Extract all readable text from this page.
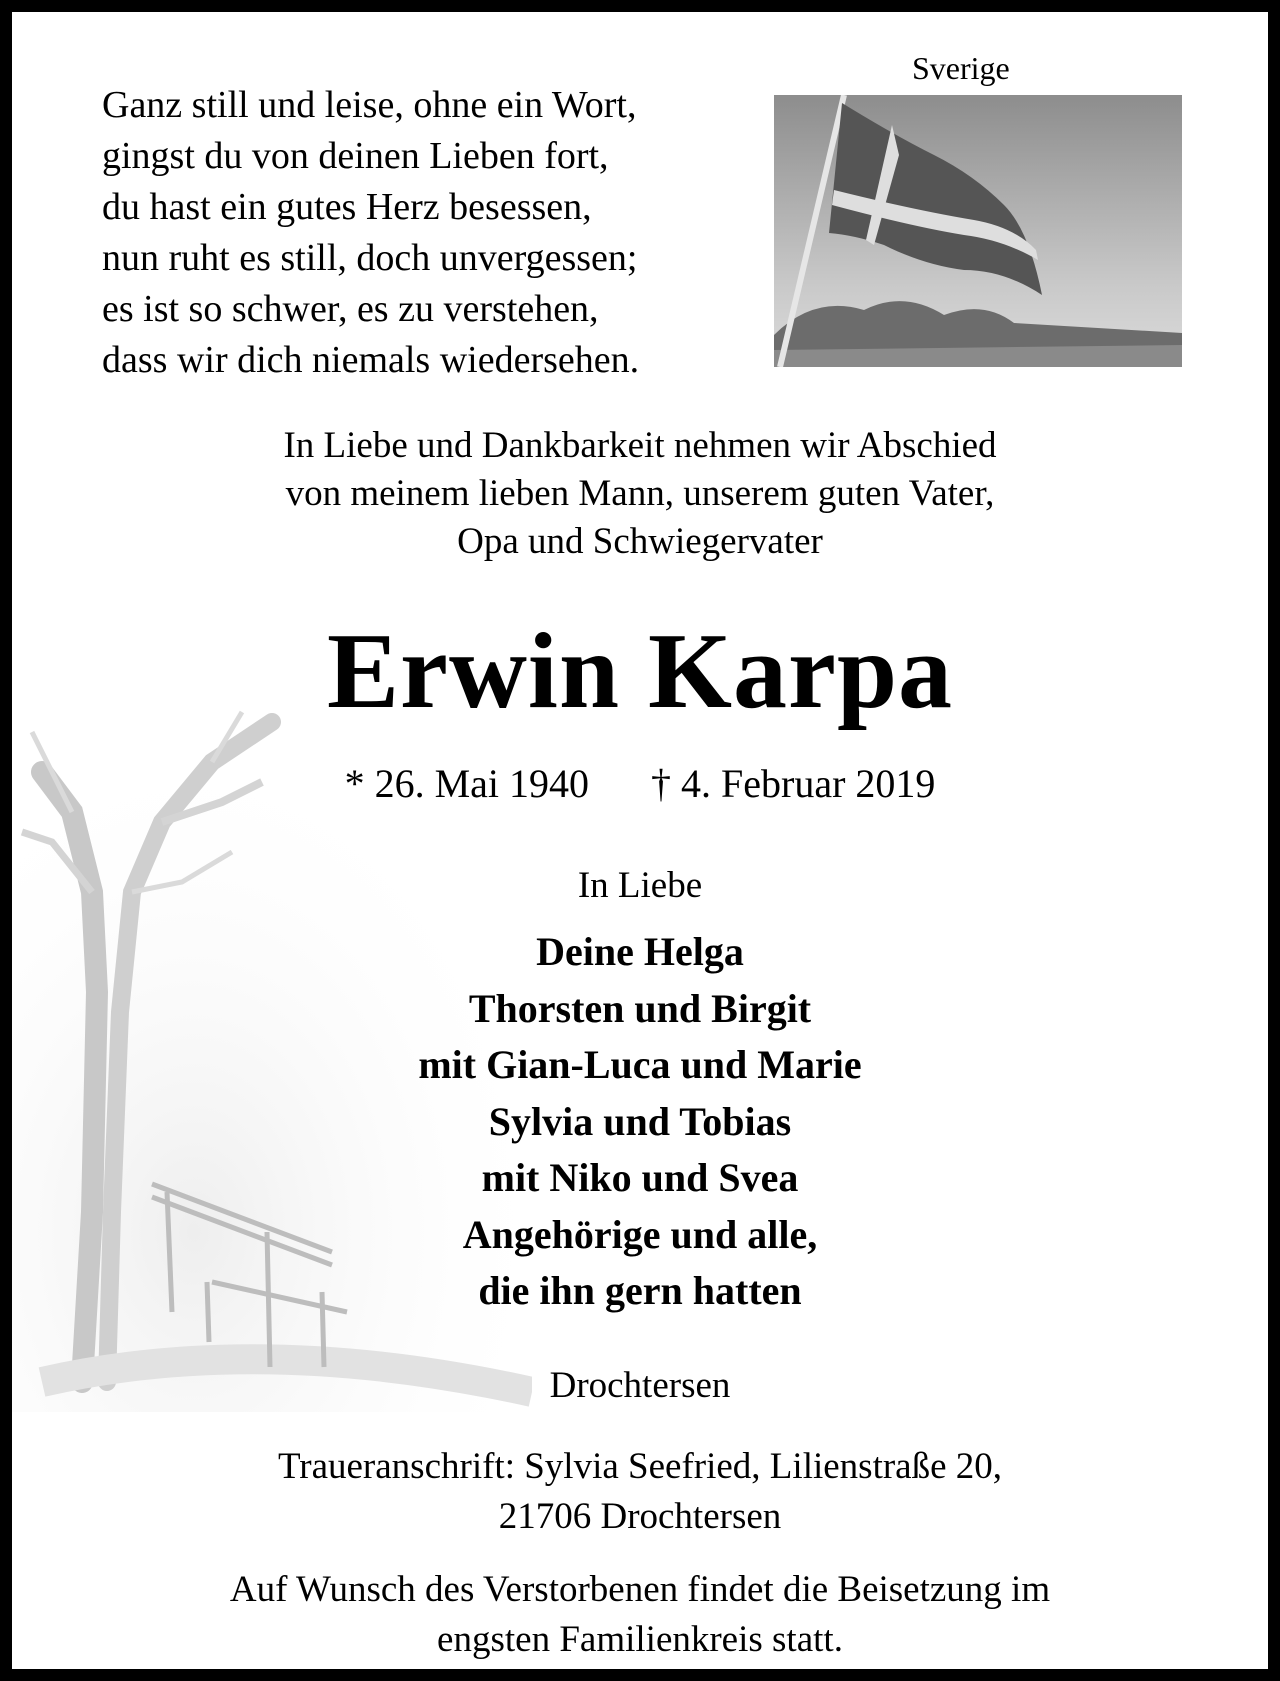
Ganz still und leise, ohne ein Wort,
gingst du von deinen Lieben fort,
du hast ein gutes Herz besessen,
nun ruht es still, doch unvergessen;
es ist so schwer, es zu verstehen,
dass wir dich niemals wiedersehen.
Sverige
In Liebe und Dankbarkeit nehmen wir Abschied
von meinem lieben Mann, unserem guten Vater,
Opa und Schwiegervater
Erwin Karpa
* 26. Mai 1940 † 4. Februar 2019
In Liebe
Deine Helga
Thorsten und Birgit
mit Gian-Luca und Marie
Sylvia und Tobias
mit Niko und Svea
Angehörige und alle,
die ihn gern hatten
Drochtersen
Traueranschrift: Sylvia Seefried, Lilienstraße 20,
21706 Drochtersen
Auf Wunsch des Verstorbenen findet die Beisetzung im
engsten Familienkreis statt.
